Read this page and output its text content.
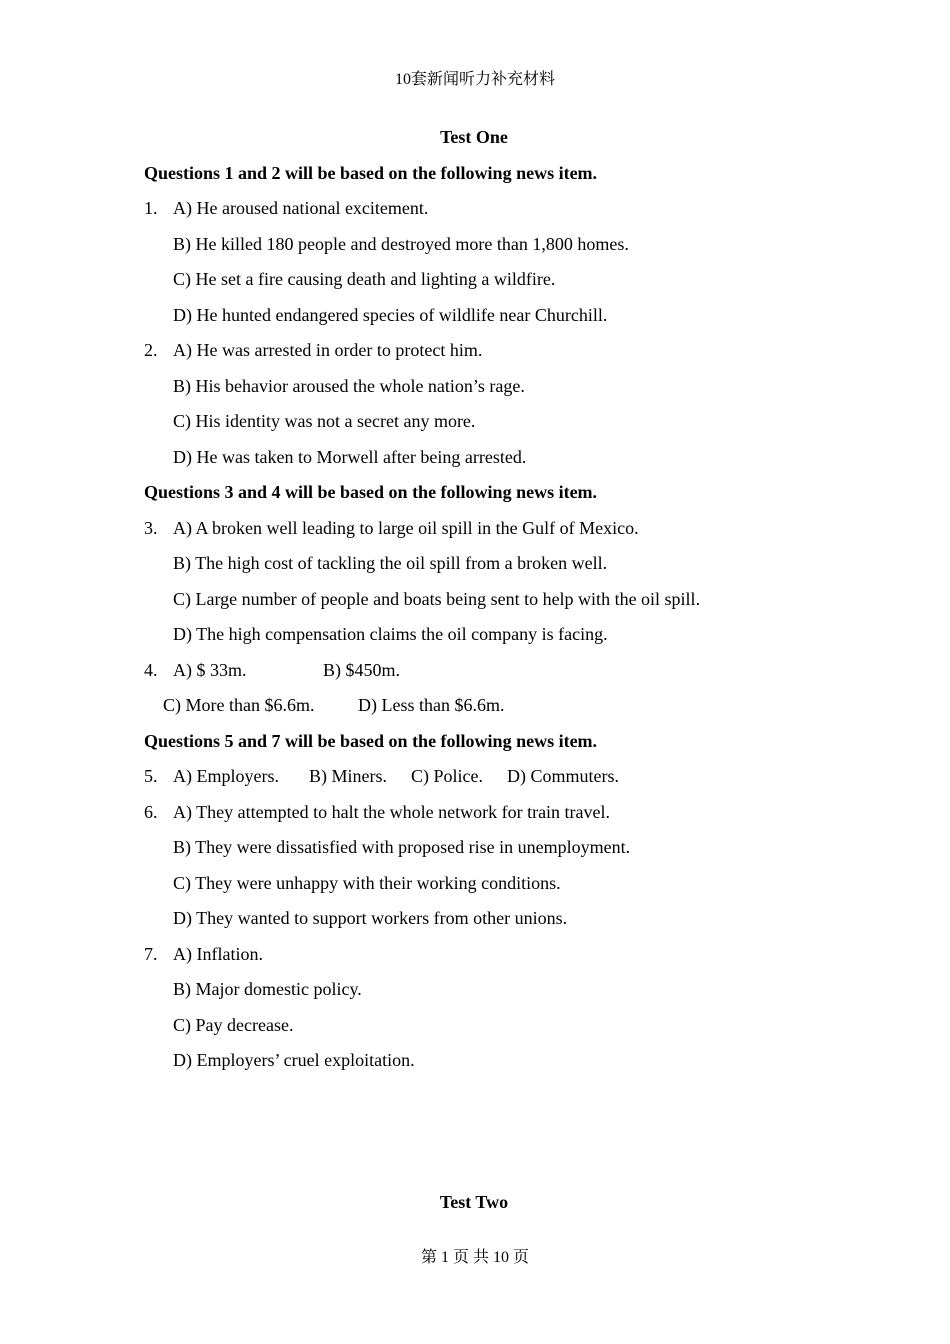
10套新闻听力补充材料
Test One
Questions 1 and 2 will be based on the following news item.
1. A) He aroused national excitement.
B) He killed 180 people and destroyed more than 1,800 homes.
C) He set a fire causing death and lighting a wildfire.
D) He hunted endangered species of wildlife near Churchill.
2. A) He was arrested in order to protect him.
B) His behavior aroused the whole nation’s rage.
C) His identity was not a secret any more.
D) He was taken to Morwell after being arrested.
Questions 3 and 4 will be based on the following news item.
3. A) A broken well leading to large oil spill in the Gulf of Mexico.
B) The high cost of tackling the oil spill from a broken well.
C) Large number of people and boats being sent to help with the oil spill.
D) The high compensation claims the oil company is facing.
4. A) $ 33m.	B) $450m.
C) More than $6.6m. D) Less than $6.6m.
Questions 5 and 7 will be based on the following news item.
5. A) Employers. B) Miners. C) Police. D) Commuters.
6. A) They attempted to halt the whole network for train travel.
B) They were dissatisfied with proposed rise in unemployment.
C) They were unhappy with their working conditions.
D) They wanted to support workers from other unions.
7. A) Inflation.
B) Major domestic policy.
C) Pay decrease.
D) Employers’ cruel exploitation.
Test Two
第 1 页 共 10 页
